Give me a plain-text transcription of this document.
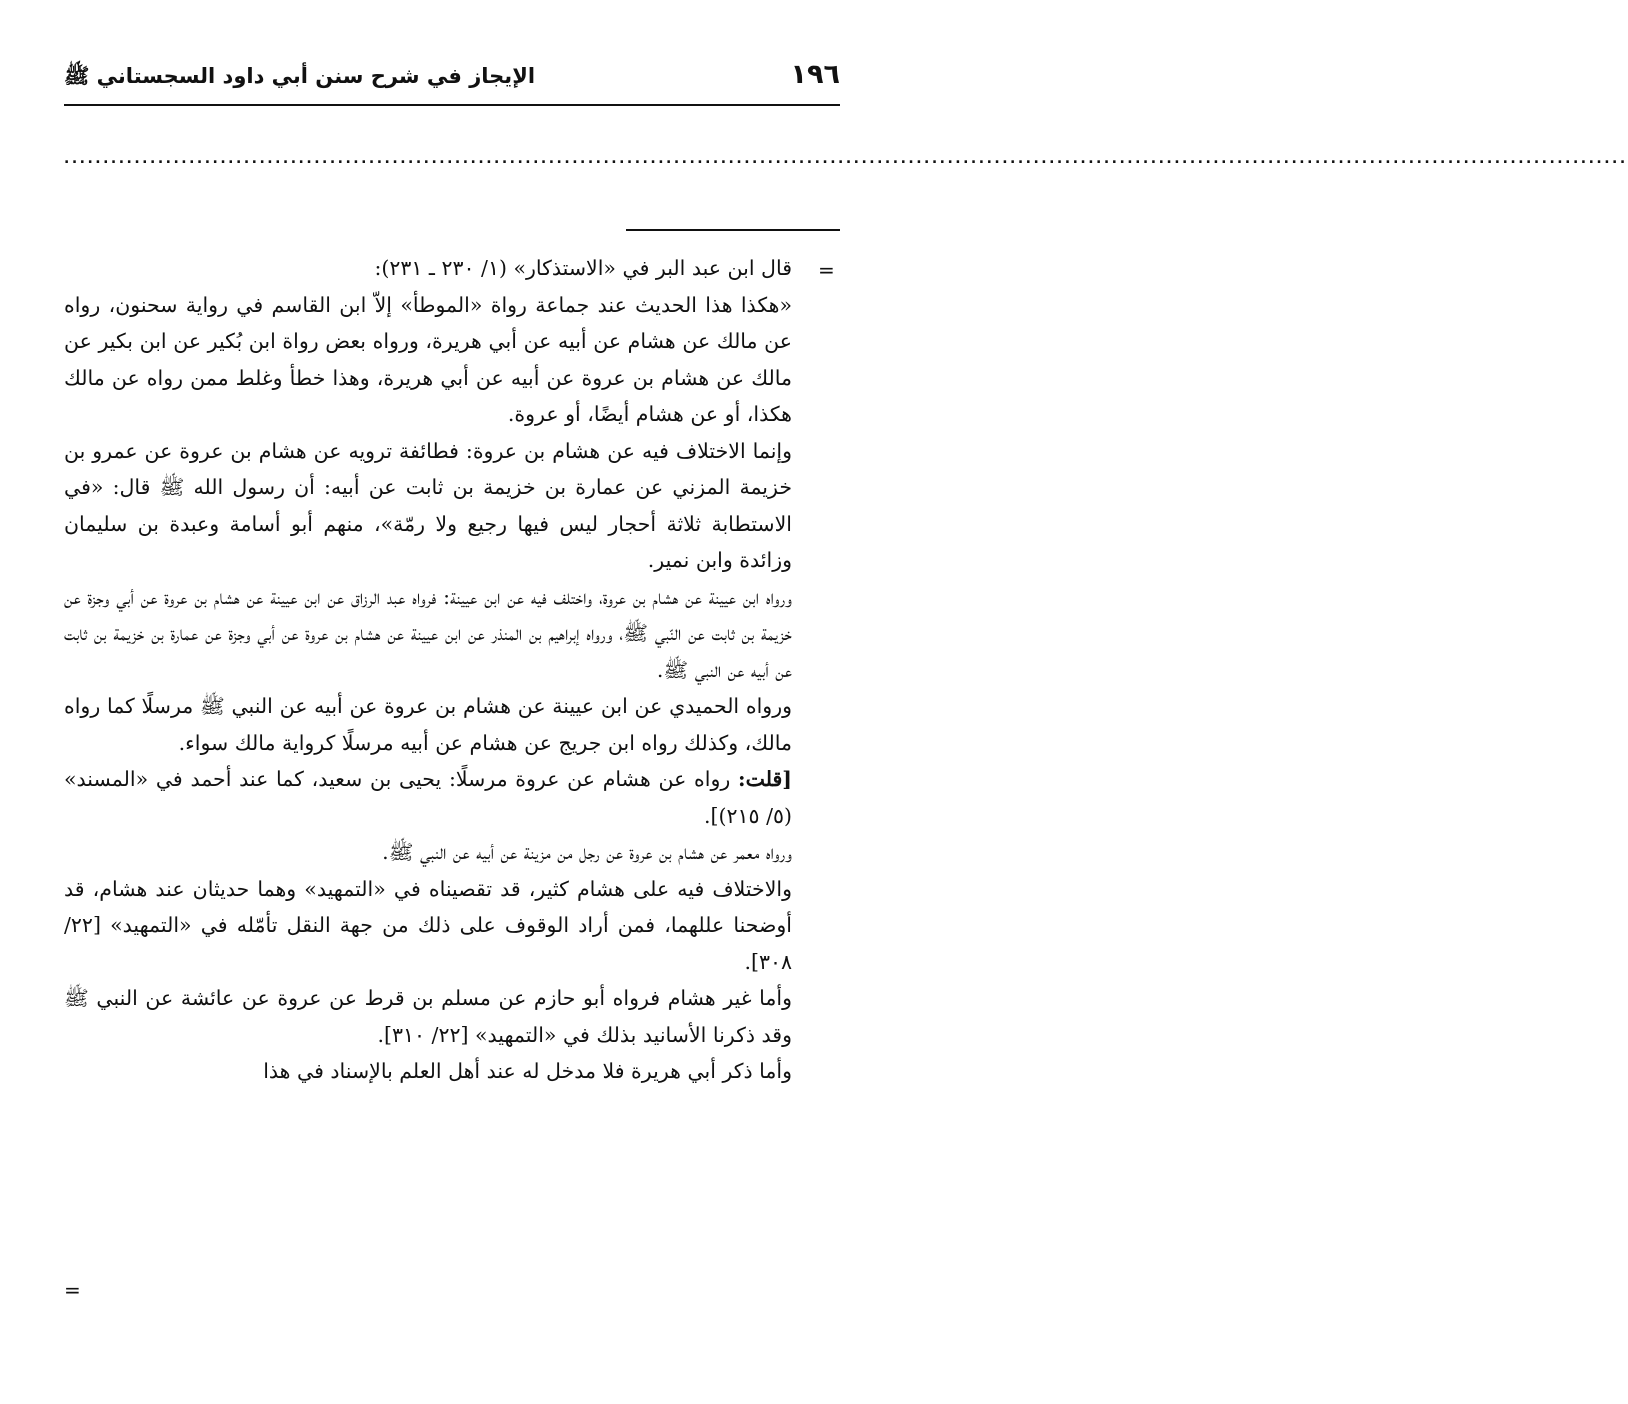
١٩٦
الإيجاز في شرح سنن أبي داود السجستاني ﷺ
........................................................................................................................................................................................................
=
=

قال ابن عبد البر في «الاستذكار» (١/ ٢٣٠ ـ ٢٣١):

«هكذا هذا الحديث عند جماعة رواة «الموطأ» إلاّ ابن القاسم في رواية سحنون، رواه عن مالك عن هشام عن أبيه عن أبي هريرة، ورواه بعض رواة ابن بُكير عن ابن بكير عن مالك عن هشام بن عروة عن أبيه عن أبي هريرة، وهذا خطأ وغلط ممن رواه عن مالك هكذا، أو عن هشام أيضًا، أو عروة.

وإنما الاختلاف فيه عن هشام بن عروة: فطائفة ترويه عن هشام بن عروة عن عمرو بن خزيمة المزني عن عمارة بن خزيمة بن ثابت عن أبيه: أن رسول الله ﷺ قال: «في الاستطابة ثلاثة أحجار ليس فيها رجيع ولا رمّة»، منهم أبو أسامة وعبدة بن سليمان وزائدة وابن نمير.

ورواه ابن عيينة عن هشام بن عروة، واختلف فيه عن ابن عيينة: فرواه عبد الرزاق عن ابن عيينة عن هشام بن عروة عن أبي وجزة عن خزيمة بن ثابت عن النّبي ﷺ، ورواه إبراهيم بن المنذر عن ابن عيينة عن هشام بن عروة عن أبي وجزة عن عمارة بن خزيمة بن ثابت عن أبيه عن النبي ﷺ.

ورواه الحميدي عن ابن عيينة عن هشام بن عروة عن أبيه عن النبي ﷺ مرسلًا كما رواه مالك، وكذلك رواه ابن جريج عن هشام عن أبيه مرسلًا كرواية مالك سواء.

[قلت: رواه عن هشام عن عروة مرسلًا: يحيى بن سعيد، كما عند أحمد في «المسند» (٥/ ٢١٥)].

ورواه معمر عن هشام بن عروة عن رجل من مزينة عن أبيه عن النبي ﷺ.

والاختلاف فيه على هشام كثير، قد تقصيناه في «التمهيد» وهما حديثان عند هشام، قد أوضحنا عللهما، فمن أراد الوقوف على ذلك من جهة النقل تأمّله في «التمهيد» [٢٢/ ٣٠٨].

وأما غير هشام فرواه أبو حازم عن مسلم بن قرط عن عروة عن عائشة عن النبي ﷺ وقد ذكرنا الأسانيد بذلك في «التمهيد» [٢٢/ ٣١٠].

وأما ذكر أبي هريرة فلا مدخل له عند أهل العلم بالإسناد في هذا
